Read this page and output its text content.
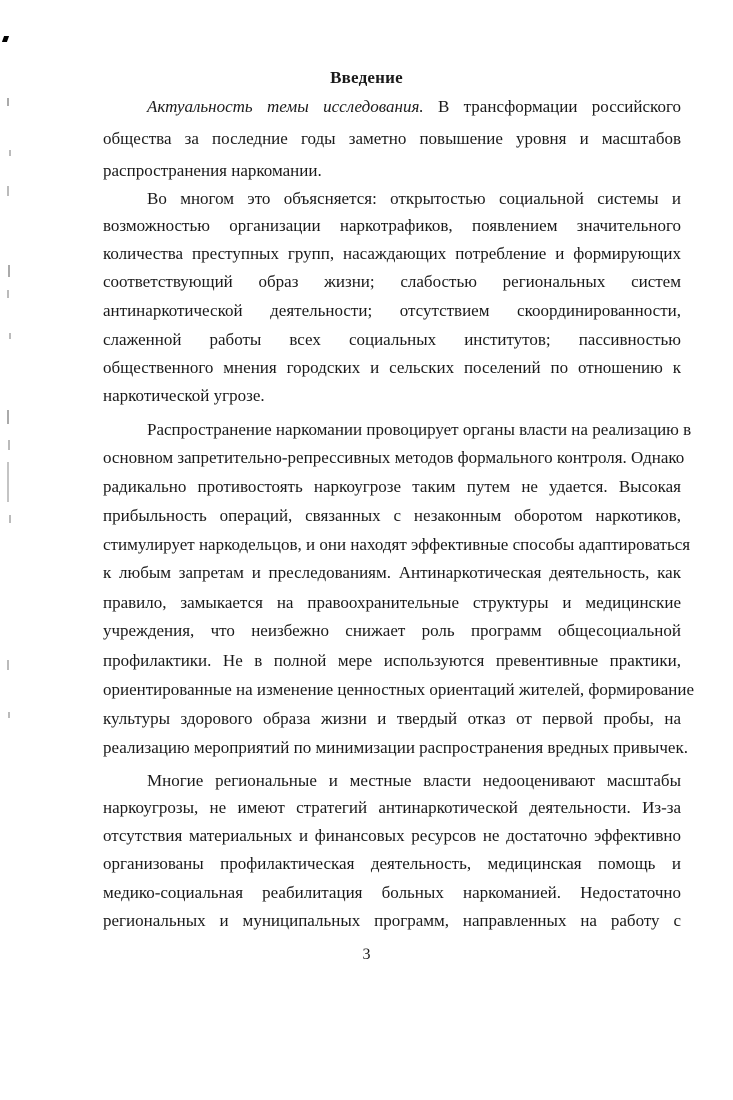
Введение
Актуальность темы исследования. В трансформации российского
общества за последние годы заметно повышение уровня и масштабов
распространения наркомании.
Во многом это объясняется: открытостью социальной системы и
возможностью организации наркотрафиков, появлением значительного
количества преступных групп, насаждающих потребление и формирующих
соответствующий образ жизни; слабостью региональных систем
антинаркотической деятельности; отсутствием скоординированности,
слаженной работы всех социальных институтов; пассивностью
общественного мнения городских и сельских поселений по отношению к
наркотической угрозе.
Распространение наркомании провоцирует органы власти на реализацию в
основном запретительно-репрессивных методов формального контроля. Однако
радикально противостоять наркоугрозе таким путем не удается. Высокая
прибыльность операций, связанных с незаконным оборотом наркотиков,
стимулирует наркодельцов, и они находят эффективные способы адаптироваться
к любым запретам и преследованиям. Антинаркотическая деятельность, как
правило, замыкается на правоохранительные структуры и медицинские
учреждения, что неизбежно снижает роль программ общесоциальной
профилактики. Не в полной мере используются превентивные практики,
ориентированные на изменение ценностных ориентаций жителей, формирование
культуры здорового образа жизни и твердый отказ от первой пробы, на
реализацию мероприятий по минимизации распространения вредных привычек.
Многие региональные и местные власти недооценивают масштабы
наркоугрозы, не имеют стратегий антинаркотической деятельности. Из-за
отсутствия материальных и финансовых ресурсов не достаточно эффективно
организованы профилактическая деятельность, медицинская помощь и
медико-социальная реабилитация больных наркоманией. Недостаточно
региональных и муниципальных программ, направленных на работу с
3
